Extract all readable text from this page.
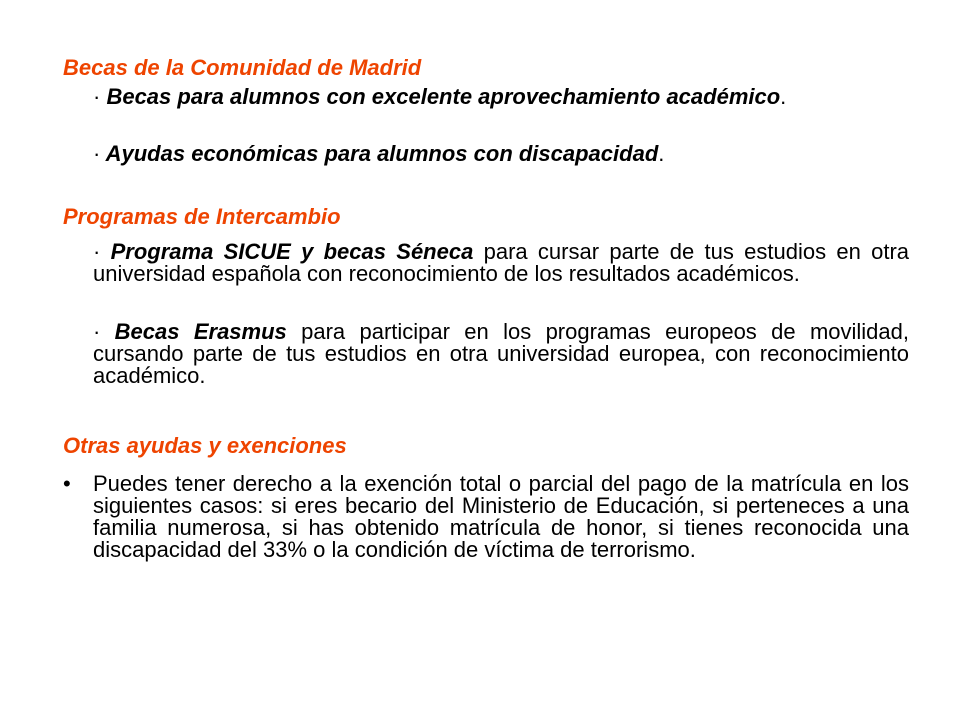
Becas de la Comunidad de Madrid

· Becas para alumnos con excelente aprovechamiento académico.

· Ayudas económicas para alumnos con discapacidad.

Programas de Intercambio

· Programa SICUE y becas Séneca para cursar parte de tus estudios en otra universidad española con reconocimiento de los resultados académicos.

· Becas Erasmus para participar en los programas europeos de movilidad, cursando parte de tus estudios en otra universidad europea, con reconocimiento académico.

Otras ayudas y exenciones
• Puedes tener derecho a la exención total o parcial del pago de la matrícula en los siguientes casos: si eres becario del Ministerio de Educación, si perteneces a una familia numerosa, si has obtenido matrícula de honor, si tienes reconocida una discapacidad del 33% o la condición de víctima de terrorismo.
